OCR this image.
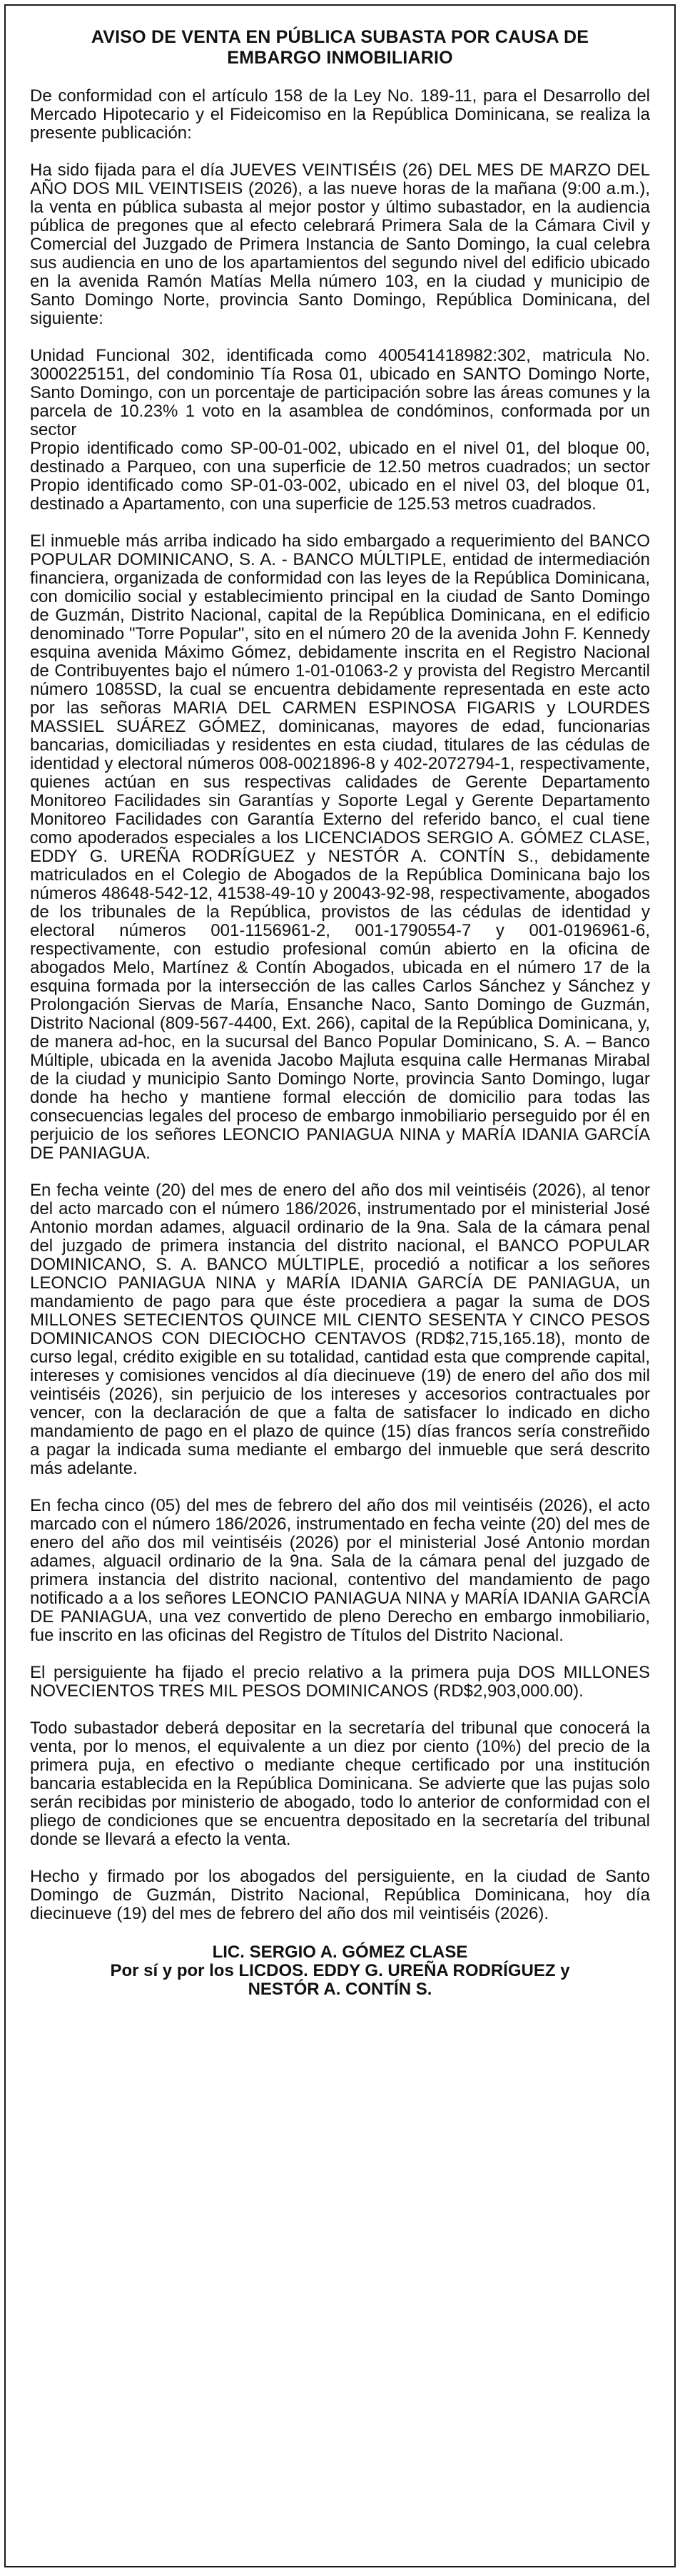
AVISO DE VENTA EN PÚBLICA SUBASTA POR CAUSA DE
EMBARGO INMOBILIARIO

De conformidad con el artículo 158 de la Ley No. 189-11, para el Desarrollo del Mercado Hipotecario y el Fideicomiso en la República Dominicana, se realiza la presente publicación:

Ha sido fijada para el día JUEVES VEINTISÉIS (26) DEL MES DE MARZO DEL AÑO DOS MIL VEINTISEIS (2026), a las nueve horas de la mañana (9:00 a.m.), la venta en pública subasta al mejor postor y último subastador, en la audiencia pública de pregones que al efecto celebrará Primera Sala de la Cámara Civil y Comercial del Juzgado de Primera Instancia de Santo Domingo, la cual celebra sus audiencia en uno de los apartamientos del segundo nivel del edificio ubicado en la avenida Ramón Matías Mella número 103, en la ciudad y municipio de Santo Domingo Norte, provincia Santo Domingo, República Dominicana, del siguiente:

Unidad Funcional 302, identificada como 400541418982:302, matricula No. 3000225151, del condominio Tía Rosa 01, ubicado en SANTO Domingo Norte, Santo Domingo, con un porcentaje de participación sobre las áreas comunes y la parcela de 10.23% 1 voto en la asamblea de condóminos, conformada por un sector

Propio identificado como SP-00-01-002, ubicado en el nivel 01, del bloque 00, destinado a Parqueo, con una superficie de 12.50 metros cuadrados; un sector Propio identificado como SP-01-03-002, ubicado en el nivel 03, del bloque 01, destinado a Apartamento, con una superficie de 125.53 metros cuadrados.

El inmueble más arriba indicado ha sido embargado a requerimiento del BANCO POPULAR DOMINICANO, S. A. - BANCO MÚLTIPLE, entidad de intermediación financiera, organizada de conformidad con las leyes de la República Dominicana, con domicilio social y establecimiento principal en la ciudad de Santo Domingo de Guzmán, Distrito Nacional, capital de la República Dominicana, en el edificio denominado "Torre Popular", sito en el número 20 de la avenida John F. Kennedy esquina avenida Máximo Gómez, debidamente inscrita en el Registro Nacional de Contribuyentes bajo el número 1-01-01063-2 y provista del Registro Mercantil número 1085SD, la cual se encuentra debidamente representada en este acto por las señoras MARIA DEL CARMEN ESPINOSA FIGARIS y LOURDES MASSIEL SUÁREZ GÓMEZ, dominicanas, mayores de edad, funcionarias bancarias, domiciliadas y residentes en esta ciudad, titulares de las cédulas de identidad y electoral números 008-0021896-8 y 402-2072794-1, respectivamente, quienes actúan en sus respectivas calidades de Gerente Departamento Monitoreo Facilidades sin Garantías y Soporte Legal y Gerente Departamento Monitoreo Facilidades con Garantía Externo del referido banco, el cual tiene como apoderados especiales a los LICENCIADOS SERGIO A. GÓMEZ CLASE, EDDY G. UREÑA RODRÍGUEZ y NESTÓR A. CONTÍN S., debidamente matriculados en el Colegio de Abogados de la República Dominicana bajo los números 48648-542-12, 41538-49-10 y 20043-92-98, respectivamente, abogados de los tribunales de la República, provistos de las cédulas de identidad y electoral números 001-1156961-2, 001-1790554-7 y 001-0196961-6, respectivamente, con estudio profesional común abierto en la oficina de abogados Melo, Martínez & Contín Abogados, ubicada en el número 17 de la esquina formada por la intersección de las calles Carlos Sánchez y Sánchez y Prolongación Siervas de María, Ensanche Naco, Santo Domingo de Guzmán, Distrito Nacional (809-567-4400, Ext. 266), capital de la República Dominicana, y, de manera ad-hoc, en la sucursal del Banco Popular Dominicano, S. A. – Banco Múltiple, ubicada en la avenida Jacobo Majluta esquina calle Hermanas Mirabal de la ciudad y municipio Santo Domingo Norte, provincia Santo Domingo, lugar donde ha hecho y mantiene formal elección de domicilio para todas las consecuencias legales del proceso de embargo inmobiliario perseguido por él en perjuicio de los señores LEONCIO PANIAGUA NINA y MARÍA IDANIA GARCÍA DE PANIAGUA.

En fecha veinte (20) del mes de enero del año dos mil veintiséis (2026), al tenor del acto marcado con el número 186/2026, instrumentado por el ministerial José Antonio mordan adames, alguacil ordinario de la 9na. Sala de la cámara penal del juzgado de primera instancia del distrito nacional, el BANCO POPULAR DOMINICANO, S. A. BANCO MÚLTIPLE, procedió a notificar a los señores LEONCIO PANIAGUA NINA y MARÍA IDANIA GARCÍA DE PANIAGUA, un mandamiento de pago para que éste procediera a pagar la suma de DOS MILLONES SETECIENTOS QUINCE MIL CIENTO SESENTA Y CINCO PESOS DOMINICANOS CON DIECIOCHO CENTAVOS (RD$2,715,165.18), monto de curso legal, crédito exigible en su totalidad, cantidad esta que comprende capital, intereses y comisiones vencidos al día diecinueve (19) de enero del año dos mil veintiséis (2026), sin perjuicio de los intereses y accesorios contractuales por vencer, con la declaración de que a falta de satisfacer lo indicado en dicho mandamiento de pago en el plazo de quince (15) días francos sería constreñido a pagar la indicada suma mediante el embargo del inmueble que será descrito más adelante.

En fecha cinco (05) del mes de febrero del año dos mil veintiséis (2026), el acto marcado con el número 186/2026, instrumentado en fecha veinte (20) del mes de enero del año dos mil veintiséis (2026) por el ministerial José Antonio mordan adames, alguacil ordinario de la 9na. Sala de la cámara penal del juzgado de primera instancia del distrito nacional, contentivo del mandamiento de pago notificado a a los señores LEONCIO PANIAGUA NINA y MARÍA IDANIA GARCÍA DE PANIAGUA, una vez convertido de pleno Derecho en embargo inmobiliario, fue inscrito en las oficinas del Registro de Títulos del Distrito Nacional.

El persiguiente ha fijado el precio relativo a la primera puja DOS MILLONES NOVECIENTOS TRES MIL PESOS DOMINICANOS (RD$2,903,000.00).

Todo subastador deberá depositar en la secretaría del tribunal que conocerá la venta, por lo menos, el equivalente a un diez por ciento (10%) del precio de la primera puja, en efectivo o mediante cheque certificado por una institución bancaria establecida en la República Dominicana. Se advierte que las pujas solo serán recibidas por ministerio de abogado, todo lo anterior de conformidad con el pliego de condiciones que se encuentra depositado en la secretaría del tribunal donde se llevará a efecto la venta.

Hecho y firmado por los abogados del persiguiente, en la ciudad de Santo Domingo de Guzmán, Distrito Nacional, República Dominicana, hoy día diecinueve (19) del mes de febrero del año dos mil veintiséis (2026).

LIC. SERGIO A. GÓMEZ CLASE
Por sí y por los LICDOS. EDDY G. UREÑA RODRÍGUEZ y
NESTÓR A. CONTÍN S.
